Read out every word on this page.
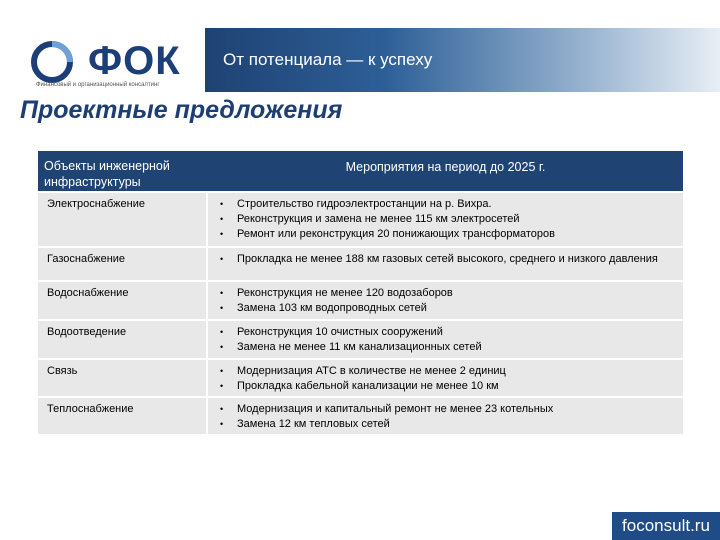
ФОК
Финансовый и организационный консалтинг
От потенциала — к успеху
Проектные предложения
Объекты инженерной инфраструктуры
Мероприятия на период до 2025 г.
Электроснабжение	•	Строительство гидроэлектростанции на р. Вихра.
•	Реконструкция и замена не менее 115 км электросетей
•	Ремонт или реконструкция 20 понижающих трансформаторов
Газоснабжение	•	Прокладка не менее 188 км газовых сетей высокого, среднего и низкого давления
Водоснабжение	•	Реконструкция не менее 120 водозаборов
•	Замена 103 км водопроводных сетей
Водоотведение	•	Реконструкция 10 очистных сооружений
•	Замена не менее 11 км канализационных сетей
Связь	•	Модернизация АТС в количестве не менее 2 единиц
•	Прокладка кабельной канализации не менее 10 км
Теплоснабжение	•	Модернизация и капитальный ремонт не менее 23 котельных
•	Замена 12 км тепловых сетей
foconsult.ru
